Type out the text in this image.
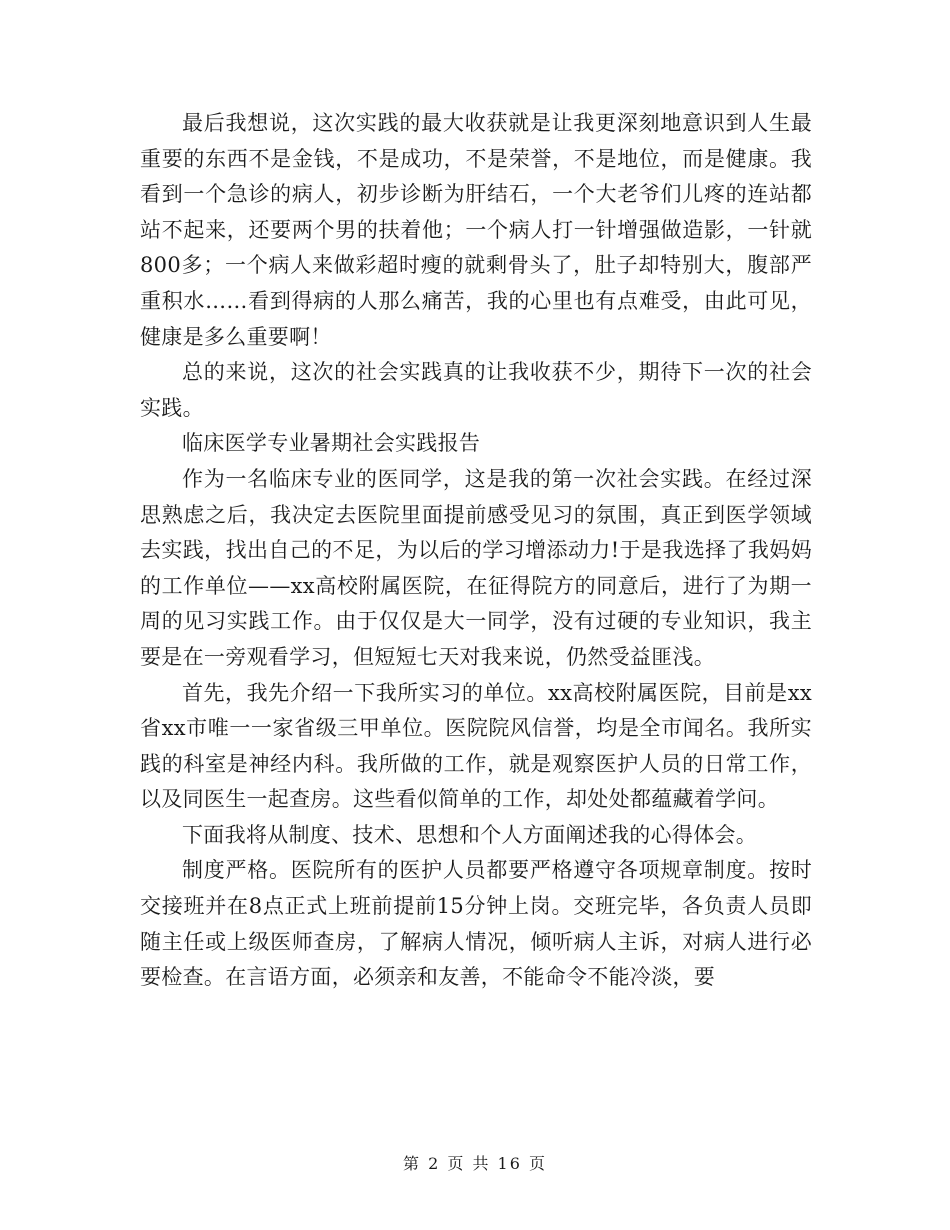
最后我想说，这次实践的最大收获就是让我更深刻地意识到人生最重要的东西不是金钱，不是成功，不是荣誉，不是地位，而是健康。我看到一个急诊的病人，初步诊断为肝结石，一个大老爷们儿疼的连站都站不起来，还要两个男的扶着他；一个病人打一针增强做造影，一针就800多；一个病人来做彩超时瘦的就剩骨头了，肚子却特别大，腹部严重积水……看到得病的人那么痛苦，我的心里也有点难受，由此可见，健康是多么重要啊！

总的来说，这次的社会实践真的让我收获不少，期待下一次的社会实践。

临床医学专业暑期社会实践报告

作为一名临床专业的医同学，这是我的第一次社会实践。在经过深思熟虑之后，我决定去医院里面提前感受见习的氛围，真正到医学领域去实践，找出自己的不足，为以后的学习增添动力!于是我选择了我妈妈的工作单位——xx高校附属医院，在征得院方的同意后，进行了为期一周的见习实践工作。由于仅仅是大一同学，没有过硬的专业知识，我主要是在一旁观看学习，但短短七天对我来说，仍然受益匪浅。

首先，我先介绍一下我所实习的单位。xx高校附属医院，目前是xx省xx市唯一一家省级三甲单位。医院院风信誉，均是全市闻名。我所实践的科室是神经内科。我所做的工作，就是观察医护人员的日常工作，以及同医生一起查房。这些看似简单的工作，却处处都蕴藏着学问。

下面我将从制度、技术、思想和个人方面阐述我的心得体会。

制度严格。医院所有的医护人员都要严格遵守各项规章制度。按时交接班并在8点正式上班前提前15分钟上岗。交班完毕，各负责人员即随主任或上级医师查房，了解病人情况，倾听病人主诉，对病人进行必要检查。在言语方面，必须亲和友善，不能命令不能冷淡，要

第 2 页 共 16 页
